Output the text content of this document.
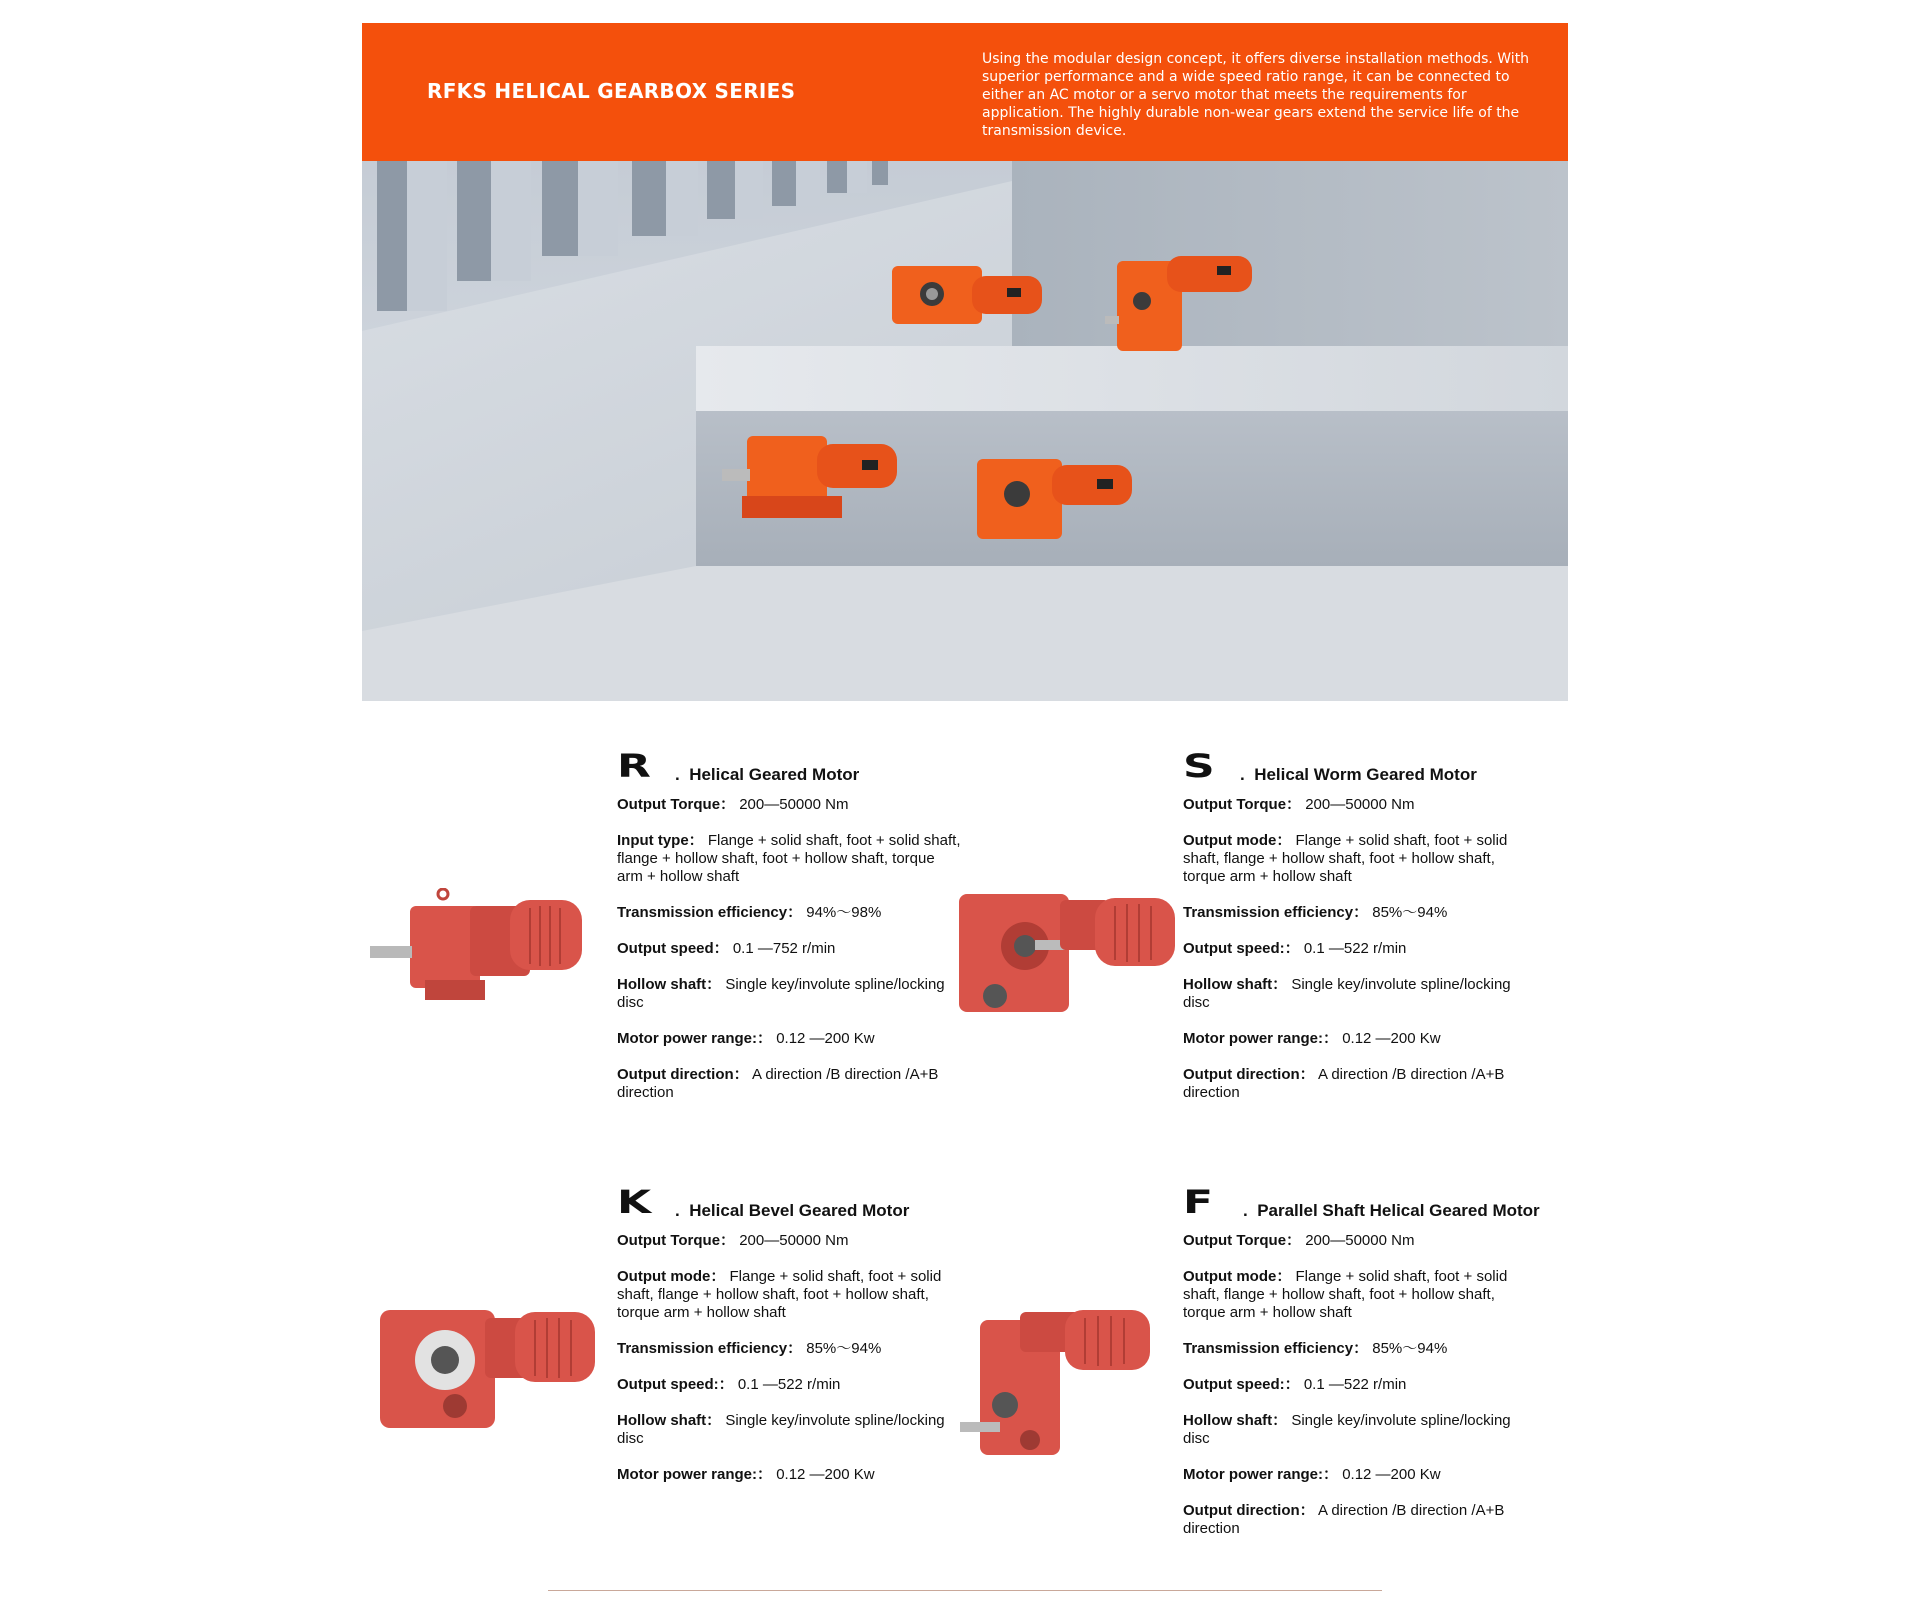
RFKS HELICAL GEARBOX SERIES

Using the modular design concept, it offers diverse installation methods. With superior performance and a wide speed ratio range, it can be connected to either an AC motor or a servo motor that meets the requirements for application. The highly durable non-wear gears extend the service life of the transmission device.

R . Helical Geared Motor

Output Torque： 200—50000 Nm

Input type： Flange + solid shaft, foot + solid shaft, flange + hollow shaft, foot + hollow shaft, torque arm + hollow shaft

Transmission efficiency： 94%～98%

Output speed： 0.1 —752 r/min

Hollow shaft： Single key/involute spline/locking disc

Motor power range:： 0.12 —200 Kw

Output direction： A direction /B direction /A+B direction

S . Helical Worm Geared Motor

Output Torque： 200—50000 Nm

Output mode： Flange + solid shaft, foot + solid shaft, flange + hollow shaft, foot + hollow shaft, torque arm + hollow shaft

Transmission efficiency： 85%～94%

Output speed:： 0.1 —522 r/min

Hollow shaft： Single key/involute spline/locking disc

Motor power range:： 0.12 —200 Kw

Output direction： A direction /B direction /A+B direction

K . Helical Bevel Geared Motor

Output Torque： 200—50000 Nm

Output mode： Flange + solid shaft, foot + solid shaft, flange + hollow shaft, foot + hollow shaft, torque arm + hollow shaft

Transmission efficiency： 85%～94%

Output speed:： 0.1 —522 r/min

Hollow shaft： Single key/involute spline/locking disc

Motor power range:： 0.12 —200 Kw

F . Parallel Shaft Helical Geared Motor

Output Torque： 200—50000 Nm

Output mode： Flange + solid shaft, foot + solid shaft, flange + hollow shaft, foot + hollow shaft, torque arm + hollow shaft

Transmission efficiency： 85%～94%

Output speed:： 0.1 —522 r/min

Hollow shaft： Single key/involute spline/locking disc

Motor power range:： 0.12 —200 Kw

Output direction： A direction /B direction /A+B direction
